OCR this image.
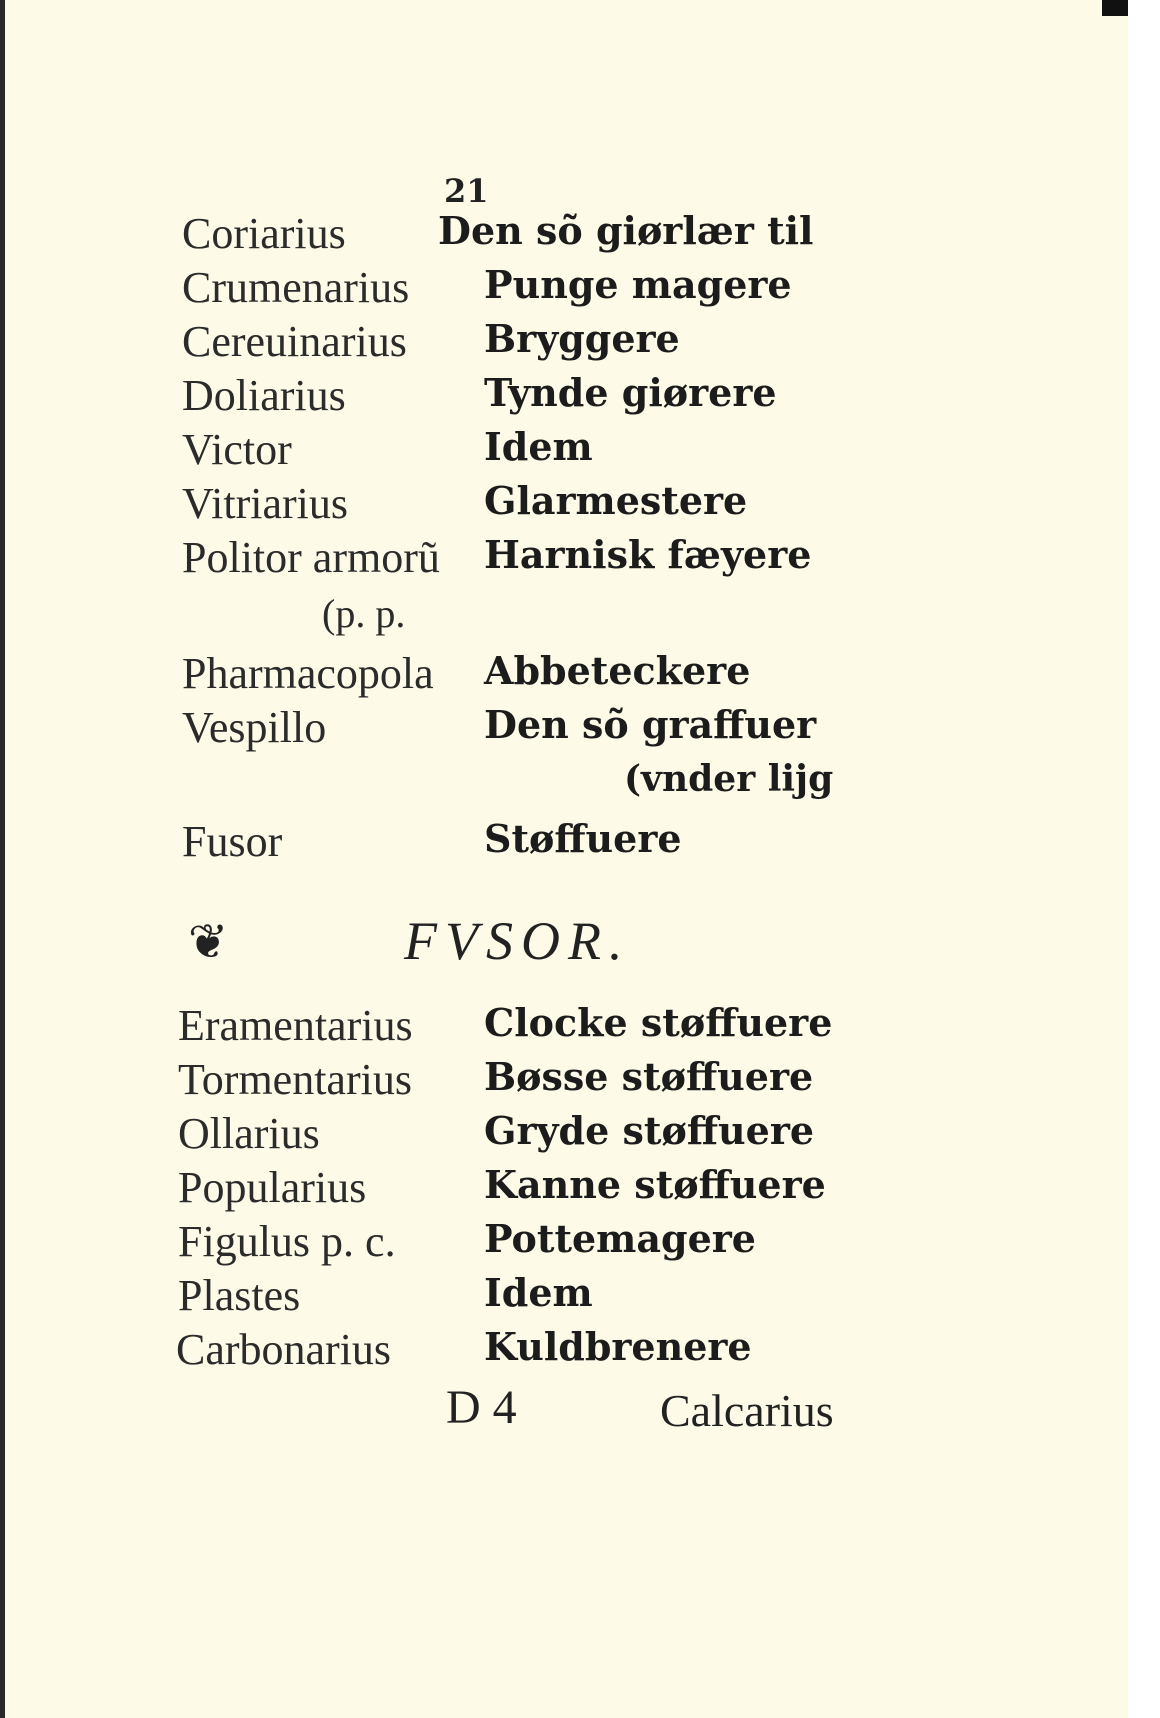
21
Coriarius Den sõ giørlær til
Crumenarius Punge magere
Cereuinarius Bryggere
Doliarius	Tynde giørere
Victor	Idem
Vitriarius	Glarmestere
Politor armorũ Harnisk fæyere
(p. p.
Pharmacopola Abbeteckere
Vespillo	Den sõ graffuer
(vnder lijg
Fusor	Støffuere
❦	FVSOR.
Eramentarius Clocke støffuere
Tormentarius Bøsse støffuere
Ollarius	Gryde støffuere
Popularius	Kanne støffuere
Figulus p. c. Pottemagere
Plastes	Idem
Carbonarius Kuldbrenere
D 4	Calcarius
